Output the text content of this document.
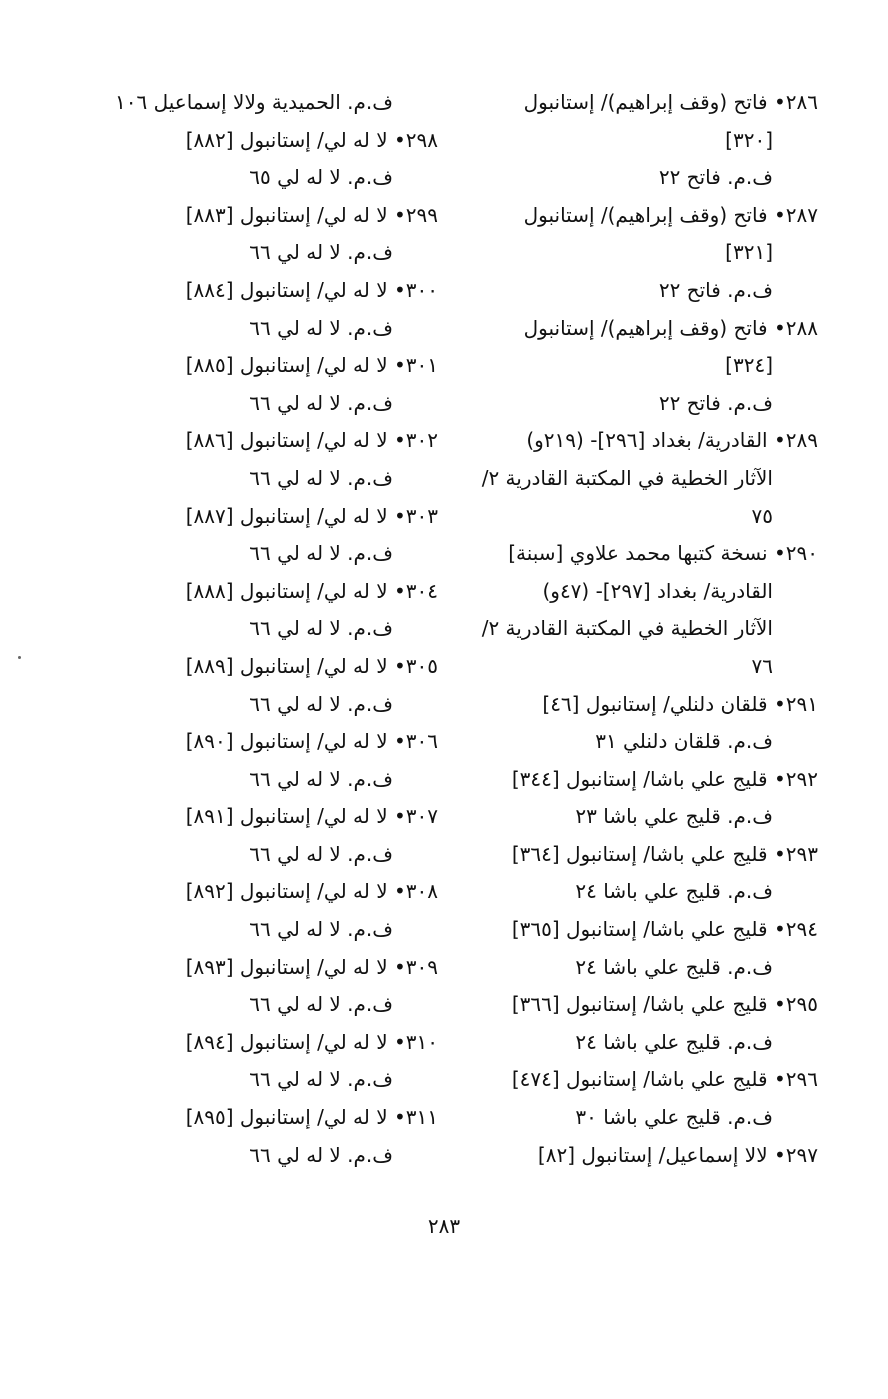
٢٨٦• فاتح (وقف إبراهيم)/ إستانبول
[٣٢٠]
ف.م. فاتح ٢٢
٢٨٧• فاتح (وقف إبراهيم)/ إستانبول
[٣٢١]
ف.م. فاتح ٢٢
٢٨٨• فاتح (وقف إبراهيم)/ إستانبول
[٣٢٤]
ف.م. فاتح ٢٢
٢٨٩• القادرية/ بغداد [٢٩٦]- (٢١٩و)
الآثار الخطية في المكتبة القادرية ٢/
٧٥
٢٩٠• نسخة كتبها محمد علاوي [سبنة]
القادرية/ بغداد [٢٩٧]- (٤٧و)
الآثار الخطية في المكتبة القادرية ٢/
٧٦
٢٩١• قلقان دلنلي/ إستانبول [٤٦]
ف.م. قلقان دلنلي ٣١
٢٩٢• قليج علي باشا/ إستانبول [٣٤٤]
ف.م. قليج علي باشا ٢٣
٢٩٣• قليج علي باشا/ إستانبول [٣٦٤]
ف.م. قليج علي باشا ٢٤
٢٩٤• قليج علي باشا/ إستانبول [٣٦٥]
ف.م. قليج علي باشا ٢٤
٢٩٥• قليج علي باشا/ إستانبول [٣٦٦]
ف.م. قليج علي باشا ٢٤
٢٩٦• قليج علي باشا/ إستانبول [٤٧٤]
ف.م. قليج علي باشا ٣٠
٢٩٧• لالا إسماعيل/ إستانبول [٨٢]
ف.م. الحميدية ولالا إسماعيل ١٠٦
٢٩٨• لا له لي/ إستانبول [٨٨٢]
ف.م. لا له لي ٦٥
٢٩٩• لا له لي/ إستانبول [٨٨٣]
ف.م. لا له لي ٦٦
٣٠٠• لا له لي/ إستانبول [٨٨٤]
ف.م. لا له لي ٦٦
٣٠١• لا له لي/ إستانبول [٨٨٥]
ف.م. لا له لي ٦٦
٣٠٢• لا له لي/ إستانبول [٨٨٦]
ف.م. لا له لي ٦٦
٣٠٣• لا له لي/ إستانبول [٨٨٧]
ف.م. لا له لي ٦٦
٣٠٤• لا له لي/ إستانبول [٨٨٨]
ف.م. لا له لي ٦٦
٣٠٥• لا له لي/ إستانبول [٨٨٩]
ف.م. لا له لي ٦٦
٣٠٦• لا له لي/ إستانبول [٨٩٠]
ف.م. لا له لي ٦٦
٣٠٧• لا له لي/ إستانبول [٨٩١]
ف.م. لا له لي ٦٦
٣٠٨• لا له لي/ إستانبول [٨٩٢]
ف.م. لا له لي ٦٦
٣٠٩• لا له لي/ إستانبول [٨٩٣]
ف.م. لا له لي ٦٦
٣١٠• لا له لي/ إستانبول [٨٩٤]
ف.م. لا له لي ٦٦
٣١١• لا له لي/ إستانبول [٨٩٥]
ف.م. لا له لي ٦٦
٢٨٣
